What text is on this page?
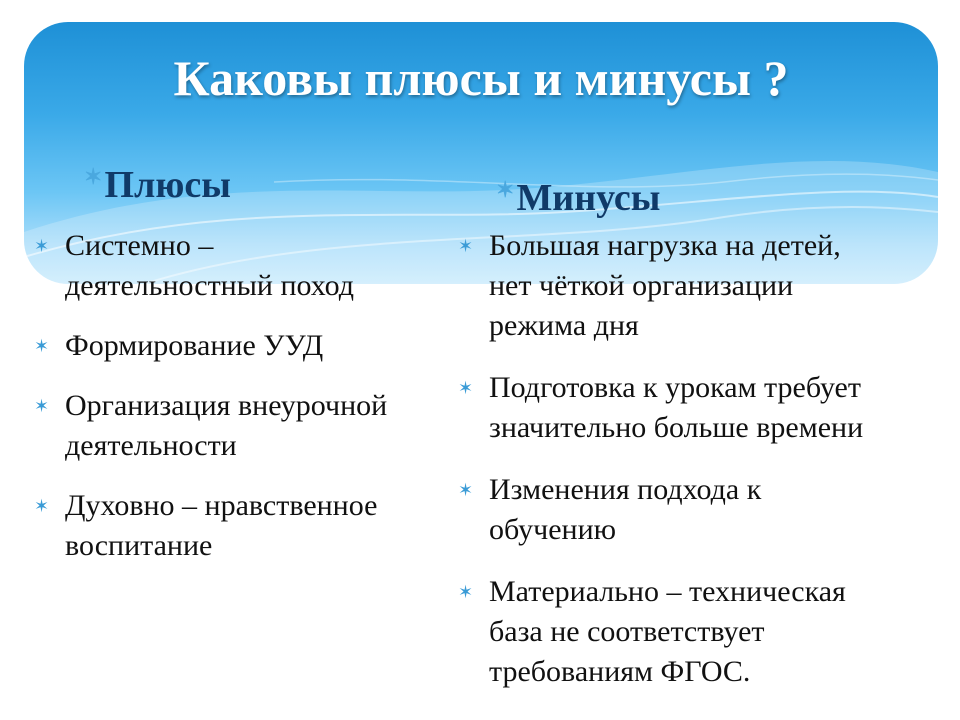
Каковы плюсы и минусы ?
✶ Плюсы	✶ Минусы
✶ Системно –
деятельностный поход
✶ Формирование УУД
✶ Организация внеурочной
деятельности
✶ Духовно – нравственное
воспитание
✶ Большая нагрузка на детей,
нет чёткой организации
режима дня
✶ Подготовка к урокам требует
значительно больше времени
✶ Изменения подхода к
обучению
✶ Материально – техническая
база не соответствует
требованиям ФГОС.
